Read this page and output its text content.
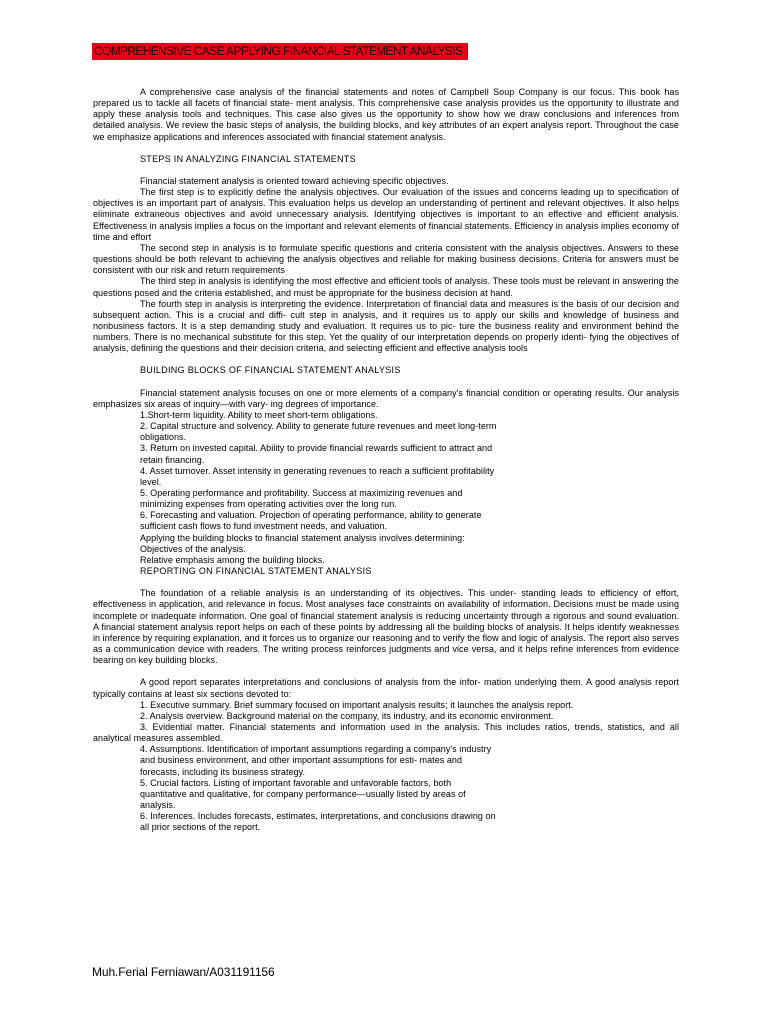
COMPREHENSIVE CASE APPLYING FINANCIAL STATEMENT ANALYSIS

A comprehensive case analysis of the financial statements and notes of Campbell Soup Company is our focus. This book has prepared us to tackle all facets of financial state- ment analysis. This comprehensive case analysis provides us the opportunity to illustrate and apply these analysis tools and techniques. This case also gives us the opportunity to show how we draw conclusions and inferences from detailed analysis. We review the basic steps of analysis, the building blocks, and key attributes of an expert analysis report. Throughout the case we emphasize applications and inferences associated with financial statement analysis.

STEPS IN ANALYZING FINANCIAL STATEMENTS

Financial statement analysis is oriented toward achieving specific objectives.

The first step is to explicitly define the analysis objectives. Our evaluation of the issues and concerns leading up to specification of objectives is an important part of analysis. This evaluation helps us develop an understanding of pertinent and relevant objectives. It also helps eliminate extraneous objectives and avoid unnecessary analysis. Identifying objectives is important to an effective and efficient analysis. Effectiveness in analysis implies a focus on the important and relevant elements of financial statements. Efficiency in analysis implies economy of time and effort

The second step in analysis is to formulate specific questions and criteria consistent with the analysis objectives. Answers to these questions should be both relevant to achieving the analysis objectives and reliable for making business decisions. Criteria for answers must be consistent with our risk and return requirements

The third step in analysis is identifying the most effective and efficient tools of analysis. These tools must be relevant in answering the questions posed and the criteria established, and must be appropriate for the business decision at hand.

The fourth step in analysis is interpreting the evidence. Interpretation of financial data and measures is the basis of our decision and subsequent action. This is a crucial and diffi- cult step in analysis, and it requires us to apply our skills and knowledge of business and nonbusiness factors. It is a step demanding study and evaluation. It requires us to pic- ture the business reality and environment behind the numbers. There is no mechanical substitute for this step. Yet the quality of our interpretation depends on properly identi- fying the objectives of analysis, defining the questions and their decision criteria, and selecting efficient and effective analysis tools

BUILDING BLOCKS OF FINANCIAL STATEMENT ANALYSIS

Financial statement analysis focuses on one or more elements of a company's financial condition or operating results. Our analysis emphasizes six areas of inquiry—with vary- ing degrees of importance.

1.Short-term liquidity. Ability to meet short-term obligations.

2. Capital structure and solvency. Ability to generate future revenues and meet long-term obligations.

3. Return on invested capital. Ability to provide financial rewards sufficient to attract and retain financing.

4. Asset turnover. Asset intensity in generating revenues to reach a sufficient profitability level.

5. Operating performance and profitability. Success at maximizing revenues and minimizing expenses from operating activities over the long run.

6. Forecasting and valuation. Projection of operating performance, ability to generate sufficient cash flows to fund investment needs, and valuation.

Applying the building blocks to financial statement analysis involves determining:

Objectives of the analysis.

Relative emphasis among the building blocks.

REPORTING ON FINANCIAL STATEMENT ANALYSIS

The foundation of a reliable analysis is an understanding of its objectives. This under- standing leads to efficiency of effort, effectiveness in application, and relevance in focus. Most analyses face constraints on availability of information. Decisions must be made using incomplete or inadequate information. One goal of financial statement analysis is reducing uncertainty through a rigorous and sound evaluation. A financial statement analysis report helps on each of these points by addressing all the building blocks of analysis. It helps identify weaknesses in inference by requiring explanation, and it forces us to organize our reasoning and to verify the flow and logic of analysis. The report also serves as a communication device with readers. The writing process reinforces judgments and vice versa, and it helps refine inferences from evidence bearing on key building blocks.

A good report separates interpretations and conclusions of analysis from the infor- mation underlying them. A good analysis report typically contains at least six sections devoted to:

1. Executive summary. Brief summary focused on important analysis results; it launches the analysis report.

2. Analysis overview. Background material on the company, its industry, and its economic environment.

3. Evidential matter. Financial statements and information used in the analysis. This includes ratios, trends, statistics, and all analytical measures assembled.

4. Assumptions. Identification of important assumptions regarding a company's industry and business environment, and other important assumptions for esti- mates and forecasts, including its business strategy.

5. Crucial factors. Listing of important favorable and unfavorable factors, both quantitative and qualitative, for company performance—usually listed by areas of analysis.

6. Inferences. Includes forecasts, estimates, interpretations, and conclusions drawing on all prior sections of the report.

Muh.Ferial Ferniawan/A031191156
